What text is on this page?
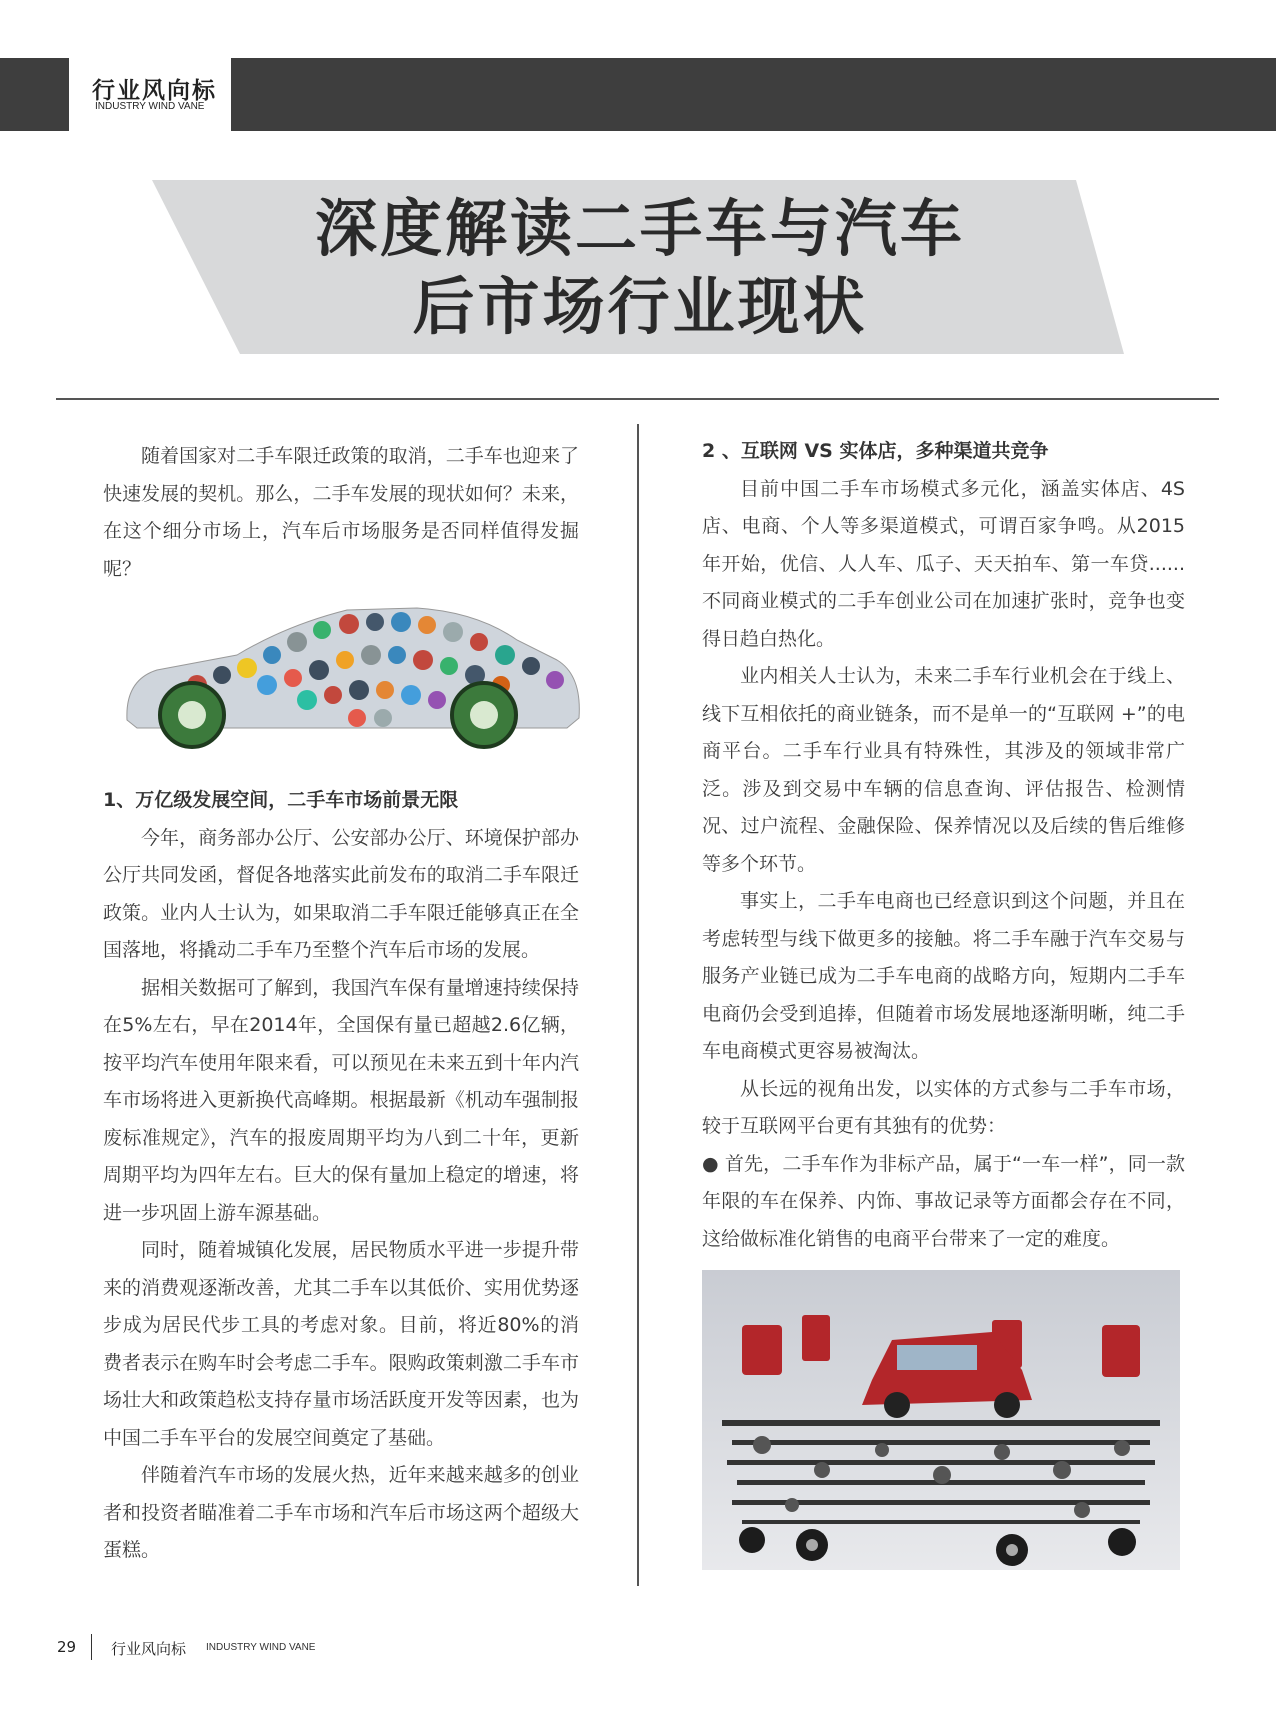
行业风向标
INDUSTRY WIND VANE
深度解读二手车与汽车
后市场行业现状

随着国家对二手车限迁政策的取消，二手车也迎来了快速发展的契机。那么，二手车发展的现状如何？未来，在这个细分市场上，汽车后市场服务是否同样值得发掘呢？

1、万亿级发展空间，二手车市场前景无限

今年，商务部办公厅、公安部办公厅、环境保护部办公厅共同发函，督促各地落实此前发布的取消二手车限迁政策。业内人士认为，如果取消二手车限迁能够真正在全国落地，将撬动二手车乃至整个汽车后市场的发展。

据相关数据可了解到，我国汽车保有量增速持续保持在5%左右，早在2014年，全国保有量已超越2.6亿辆，按平均汽车使用年限来看，可以预见在未来五到十年内汽车市场将进入更新换代高峰期。根据最新《机动车强制报废标准规定》，汽车的报废周期平均为八到二十年，更新周期平均为四年左右。巨大的保有量加上稳定的增速，将进一步巩固上游车源基础。

同时，随着城镇化发展，居民物质水平进一步提升带来的消费观逐渐改善，尤其二手车以其低价、实用优势逐步成为居民代步工具的考虑对象。目前，将近80%的消费者表示在购车时会考虑二手车。限购政策刺激二手车市场壮大和政策趋松支持存量市场活跃度开发等因素，也为中国二手车平台的发展空间奠定了基础。

伴随着汽车市场的发展火热，近年来越来越多的创业者和投资者瞄准着二手车市场和汽车后市场这两个超级大蛋糕。

2 、互联网 VS 实体店，多种渠道共竞争

目前中国二手车市场模式多元化，涵盖实体店、4S店、电商、个人等多渠道模式，可谓百家争鸣。从2015 年开始，优信、人人车、瓜子、天天拍车、第一车贷......不同商业模式的二手车创业公司在加速扩张时，竞争也变得日趋白热化。

业内相关人士认为，未来二手车行业机会在于线上、线下互相依托的商业链条，而不是单一的“互联网 +”的电商平台。二手车行业具有特殊性，其涉及的领域非常广泛。涉及到交易中车辆的信息查询、评估报告、检测情况、过户流程、金融保险、保养情况以及后续的售后维修等多个环节。

事实上，二手车电商也已经意识到这个问题，并且在考虑转型与线下做更多的接触。将二手车融于汽车交易与服务产业链已成为二手车电商的战略方向，短期内二手车电商仍会受到追捧，但随着市场发展地逐渐明晰，纯二手车电商模式更容易被淘汰。

从长远的视角出发，以实体的方式参与二手车市场，较于互联网平台更有其独有的优势：

● 首先，二手车作为非标产品，属于“一车一样”，同一款年限的车在保养、内饰、事故记录等方面都会存在不同，这给做标准化销售的电商平台带来了一定的难度。

29 行业风向标 INDUSTRY WIND VANE
